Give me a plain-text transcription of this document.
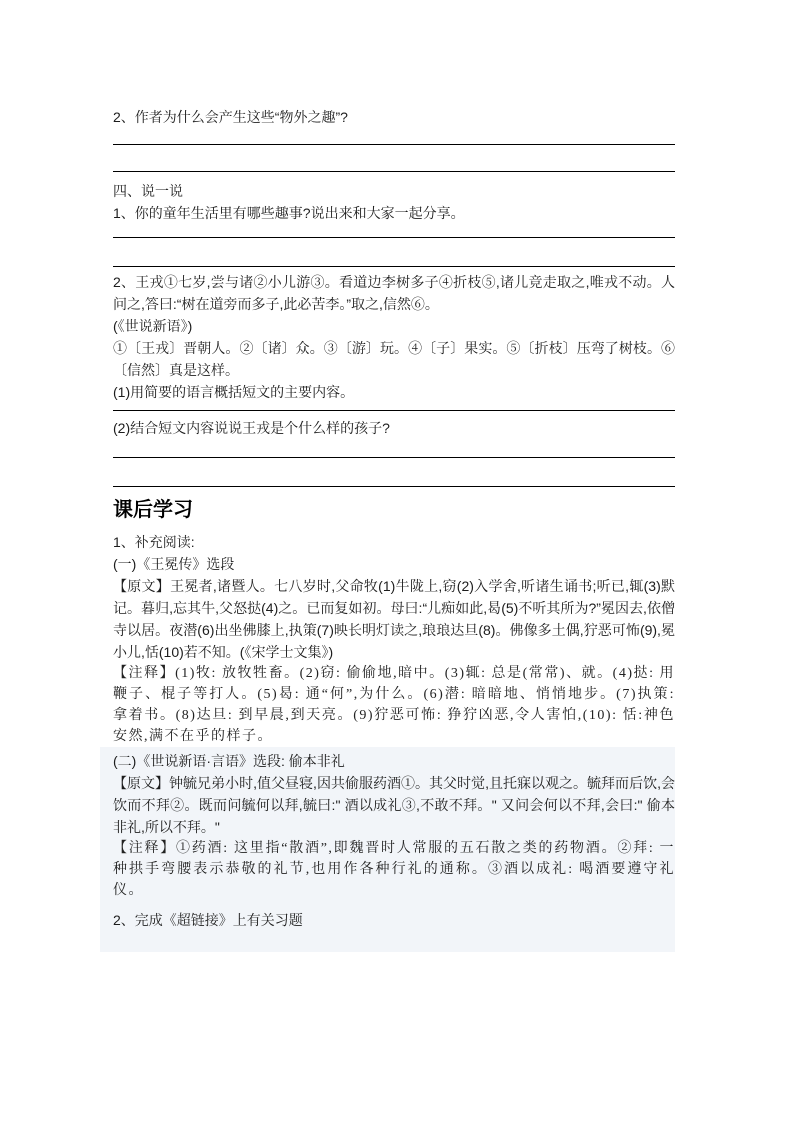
2、作者为什么会产生这些“物外之趣”?

四、说一说

1、你的童年生活里有哪些趣事?说出来和大家一起分享。

2、王戎①七岁,尝与诸②小儿游③。看道边李树多子④折枝⑤,诸儿竞走取之,唯戎不动。人问之,答曰:“树在道旁而多子,此必苦李。”取之,信然⑥。

(《世说新语》)

①〔王戎〕晋朝人。②〔诸〕众。③〔游〕玩。④〔子〕果实。⑤〔折枝〕压弯了树枝。⑥〔信然〕真是这样。

(1)用简要的语言概括短文的主要内容。

(2)结合短文内容说说王戎是个什么样的孩子?

课后学习

1、补充阅读:

(一)《王冕传》选段

【原文】王冕者,诸暨人。七八岁时,父命牧(1)牛陇上,窃(2)入学舍,听诸生诵书;听已,辄(3)默记。暮归,忘其牛,父怒挞(4)之。已而复如初。母曰:“儿痴如此,曷(5)不听其所为?”冕因去,依僧寺以居。夜潜(6)出坐佛膝上,执策(7)映长明灯读之,琅琅达旦(8)。佛像多土偶,狞恶可怖(9),冕小儿,恬(10)若不知。(《宋学士文集》)

【注释】(1)牧: 放牧牲畜。(2)窃: 偷偷地,暗中。(3)辄: 总是(常常)、就。(4)挞: 用鞭子、棍子等打人。(5)曷: 通“何”,为什么。(6)潜: 暗暗地、悄悄地步。(7)执策: 拿着书。(8)达旦: 到早晨,到天亮。(9)狞恶可怖: 狰狞凶恶,令人害怕,(10): 恬:神色安然,满不在乎的样子。

(二)《世说新语·言语》选段: 偷本非礼

【原文】钟毓兄弟小时,值父昼寝,因共偷服药酒①。其父时觉,且托寐以观之。毓拜而后饮,会饮而不拜②。既而问毓何以拜,毓曰:" 酒以成礼③,不敢不拜。" 又问会何以不拜,会曰:" 偷本非礼,所以不拜。"

【注释】①药酒: 这里指“散酒”,即魏晋时人常服的五石散之类的药物酒。②拜: 一种拱手弯腰表示恭敬的礼节,也用作各种行礼的通称。③酒以成礼: 喝酒要遵守礼仪。

2、完成《超链接》上有关习题
